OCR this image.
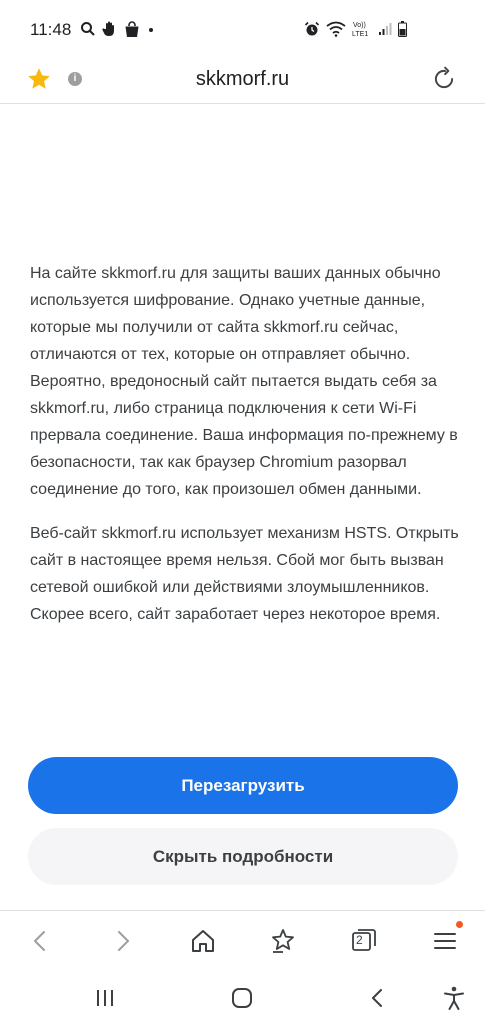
11:48	Vo))
LTE1
i	skkmorf.ru

На сайте skkmorf.ru для защиты ваших данных обычно используется шифрование. Однако учетные данные, которые мы получили от сайта skkmorf.ru сейчас, отличаются от тех, которые он отправляет обычно. Вероятно, вредоносный сайт пытается выдать себя за skkmorf.ru, либо страница подключения к сети Wi-Fi прервала соединение. Ваша информация по-прежнему в безопасности, так как браузер Chromium разорвал соединение до того, как произошел обмен данными.

Веб-сайт skkmorf.ru использует механизм HSTS. Открыть сайт в настоящее время нельзя. Сбой мог быть вызван сетевой ошибкой или действиями злоумышленников. Скорее всего, сайт заработает через некоторое время.

Перезагрузить
Скрыть подробности
2
